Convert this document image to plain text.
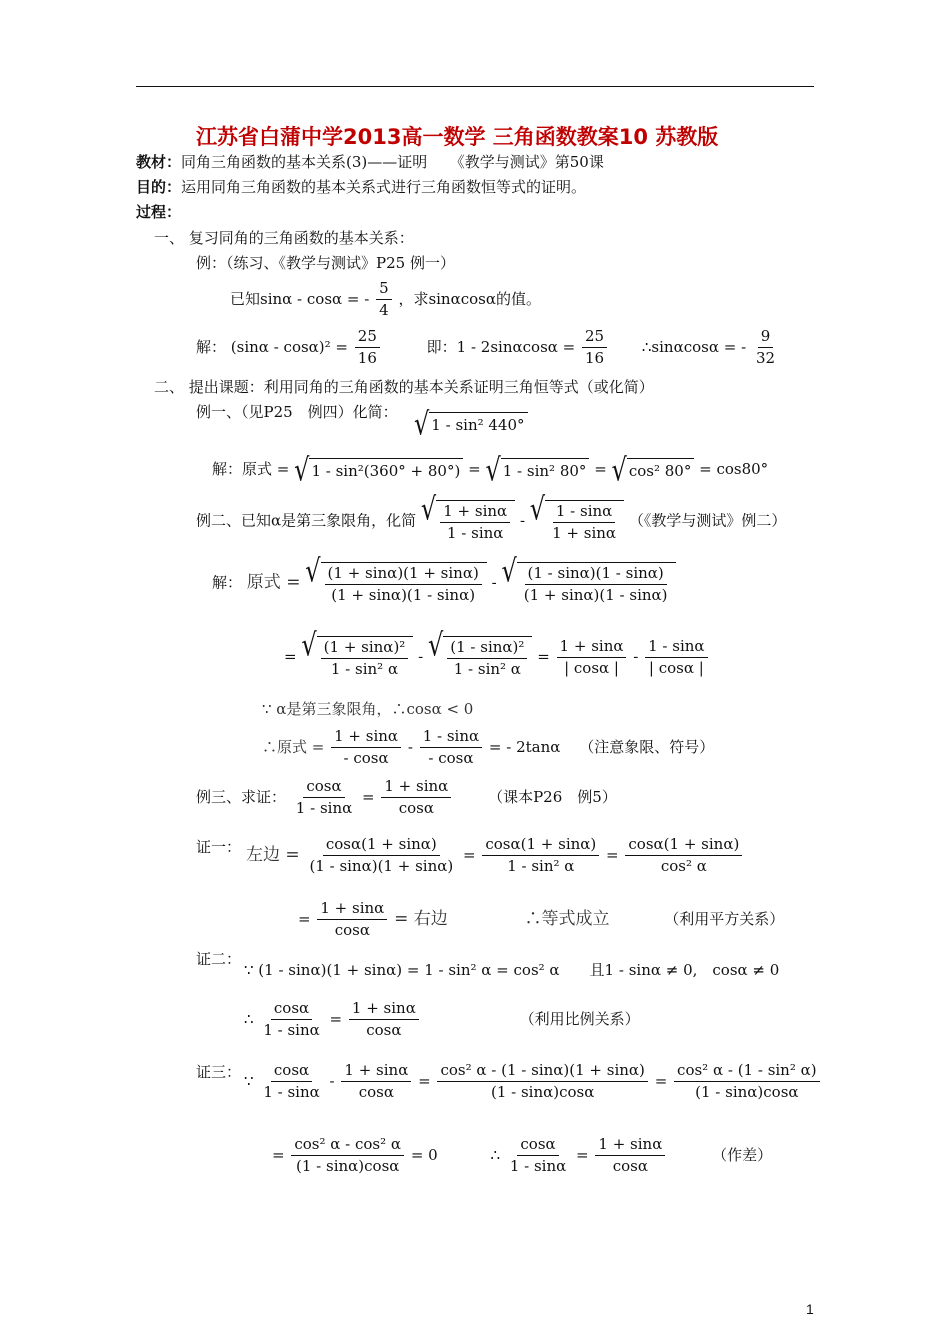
江苏省白蒲中学2013高一数学 三角函数教案10 苏教版
教材：同角三角函数的基本关系(3)——证明　　《教学与测试》第50课
目的：运用同角三角函数的基本关系式进行三角函数恒等式的证明。
过程：
一、 复习同角的三角函数的基本关系：
例：（练习、《教学与测试》P25 例一）
已知sinα - cosα = - $\frac{5}{4}$ ，求sinαcosα的值。
解： $(\sin\alpha - \cos\alpha)^2 = \frac{25}{16}$	即：$1 - 2\sin\alpha\cos\alpha = \frac{25}{16}$ ∴sinαcosα = - $\frac{9}{32}$
二、 提出课题：利用同角的三角函数的基本关系证明三角恒等式（或化简）
例一、（见P25　例四）化简： √ 1 - sin² 440°
解：原式 = √ 1 - sin²(360° + 80°) = √ 1 - sin² 80° = √ cos² 80° = cos80°
例二、已知α是第三象限角，化简 √ $\frac{1 + \sin\alpha}{1 - \sin\alpha}$ - √ $\frac{1 - \sin\alpha}{1 + \sin\alpha}$ （《教学与测试》例二）
解： 原式 = √ $\frac{(1 + \sin\alpha)(1 + \sin\alpha)}{(1 + \sin\alpha)(1 - \sin\alpha)}$ - √ $\frac{(1 - \sin\alpha)(1 - \sin\alpha)}{(1 + \sin\alpha)(1 - \sin\alpha)}$
= √ $\frac{\text{(1 + sinα)²}}{\text{1 - sin² α}}$ - √ $\frac{\text{(1 - sinα)²}}{\text{1 - sin² α}} = \frac{1 + \sin\alpha}{| \cos\alpha |} - \frac{1 - \sin\alpha}{| \cos\alpha |}$
∵ α是第三象限角，∴cosα < 0
∴原式 = $\frac{1 + \sin\alpha}{- \cos\alpha} - \frac{1 - \sin\alpha}{- \cos\alpha}$ = - 2tanα （注意象限、符号）
例三、求证： $\frac{\cos\alpha}{1 - \sin\alpha} = \frac{1 + \sin\alpha}{\cos\alpha}$ （课本P26　例5）
证一： 左边 = $\frac{\cos\alpha(1 + \sin\alpha)}{(1 - \sin\alpha)(1 + \sin\alpha)} = \frac{\cos\alpha(1 + \sin\alpha)}{\text{1 - sin² α}} = \frac{\cos\alpha(1 + \sin\alpha)}{\text{cos² α}}$
= $\frac{1 + \sin\alpha}{\cos\alpha}$ = 右边	∴等式成立	（利用平方关系）
证二：
∵ (1 - sinα)(1 + sinα) = 1 - sin² α = cos² α　　且1 - sinα ≠ 0,　cosα ≠ 0
∴ $\frac{\cos\alpha}{1 - \sin\alpha} = \frac{1 + \sin\alpha}{\cos\alpha}$	（利用比例关系）
证三： ∵ $\frac{\cos\alpha}{1 - \sin\alpha} - \frac{1 + \sin\alpha}{\cos\alpha} = \frac{\text{cos² α - (1 - sinα)(1 + sinα)}}{(1 - \sin\alpha)\cos\alpha} = \frac{\text{cos² α - (1 - sin² α)}}{(1 - \sin\alpha)\cos\alpha}$
= $\frac{\text{cos² α - cos² α}}{(1 - \sin\alpha)\cos\alpha} = 0$	∴ $\frac{\cos\alpha}{1 - \sin\alpha} = \frac{1 + \sin\alpha}{\cos\alpha}$	（作差）
1
